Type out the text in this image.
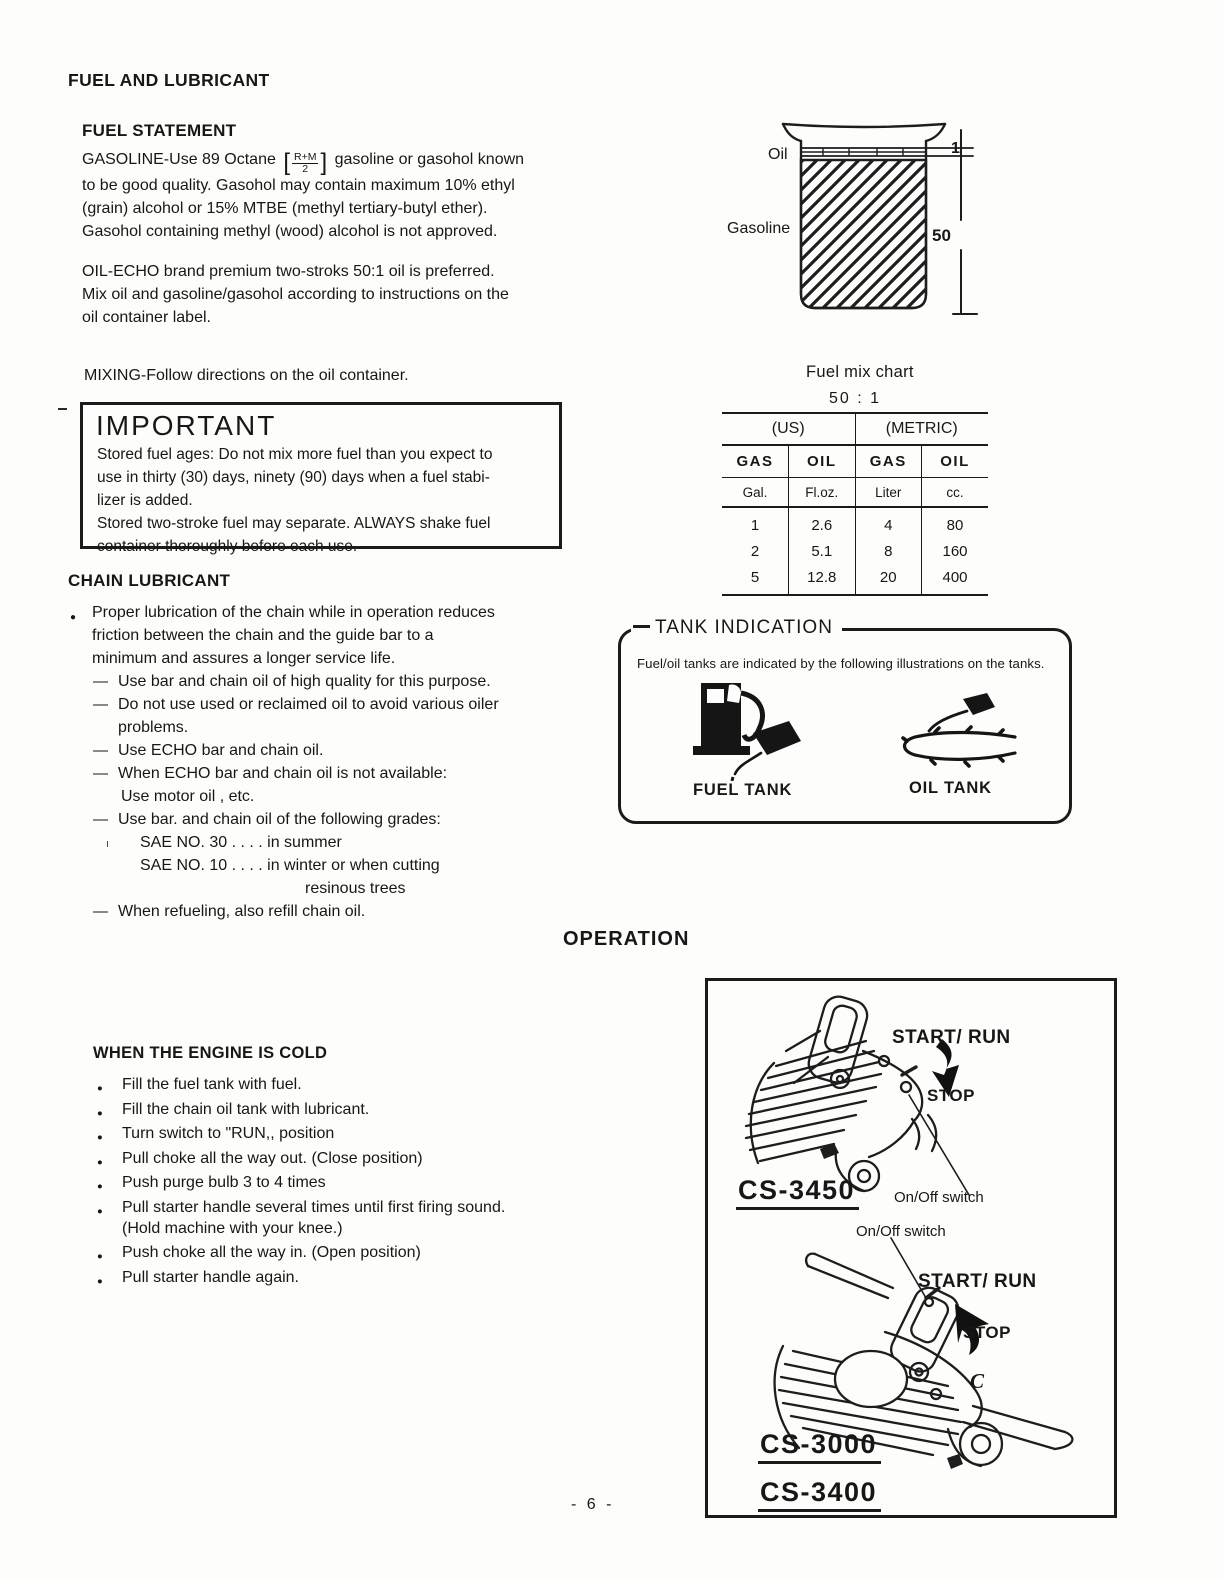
FUEL AND LUBRICANT
FUEL STATEMENT
GASOLINE-Use 89 Octane [ $\frac{R+M}{2}$ ] gasoline or gasohol known
to be good quality. Gasohol may contain maximum 10% ethyl
(grain) alcohol or 15% MTBE (methyl tertiary-butyl ether).
Gasohol containing methyl (wood) alcohol is not approved.
OIL-ECHO brand premium two-stroks 50:1 oil is preferred.
Mix oil and gasoline/gasohol according to instructions on the
oil container label.
MIXING-Follow directions on the oil container.
IMPORTANT
Stored fuel ages: Do not mix more fuel than you expect to
use in thirty (30) days, ninety (90) days when a fuel stabi-
lizer is added.
Stored two-stroke fuel may separate. ALWAYS shake fuel
container thoroughly before each use.
CHAIN LUBRICANT
● Proper lubrication of the chain while in operation reduces
friction between the chain and the guide bar to a
minimum and assures a longer service life.
— Use bar and chain oil of high quality for this purpose.
— Do not use used or reclaimed oil to avoid various oiler
problems.
— Use ECHO bar and chain oil.
— When ECHO bar and chain oil is not available:
Use motor oil , etc.
— Use bar. and chain oil of the following grades:
ı SAE NO. 30 . . . . in summer
SAE NO. 10 . . . . in winter or when cutting
resinous trees
— When refueling, also refill chain oil.
Oil
Gasoline
1
50
Fuel mix chart
50 : 1
(US)		(METRIC)	
GAS	OIL	GAS	OIL
Gal.	Fl.oz.	Liter	cc.
1	2.6	4	80
2	5.1	8	160
5	12.8	20	400
TANK INDICATION
Fuel/oil tanks are indicated by the following illustrations on the tanks.
FUEL TANK	OIL TANK
OPERATION
WHEN THE ENGINE IS COLD
● Fill the fuel tank with fuel.
● Fill the chain oil tank with lubricant.
● Turn switch to "RUN,, position
● Pull choke all the way out. (Close position)
● Push purge bulb 3 to 4 times
● Pull starter handle several times until first firing sound.
(Hold machine with your knee.)
● Push choke all the way in. (Open position)
● Pull starter handle again.
START/ RUN
STOP
CS-3450	On/Off switch
On/Off switch
START/ RUN
STOP
C
CS-3000
CS-3400
- 6 -
